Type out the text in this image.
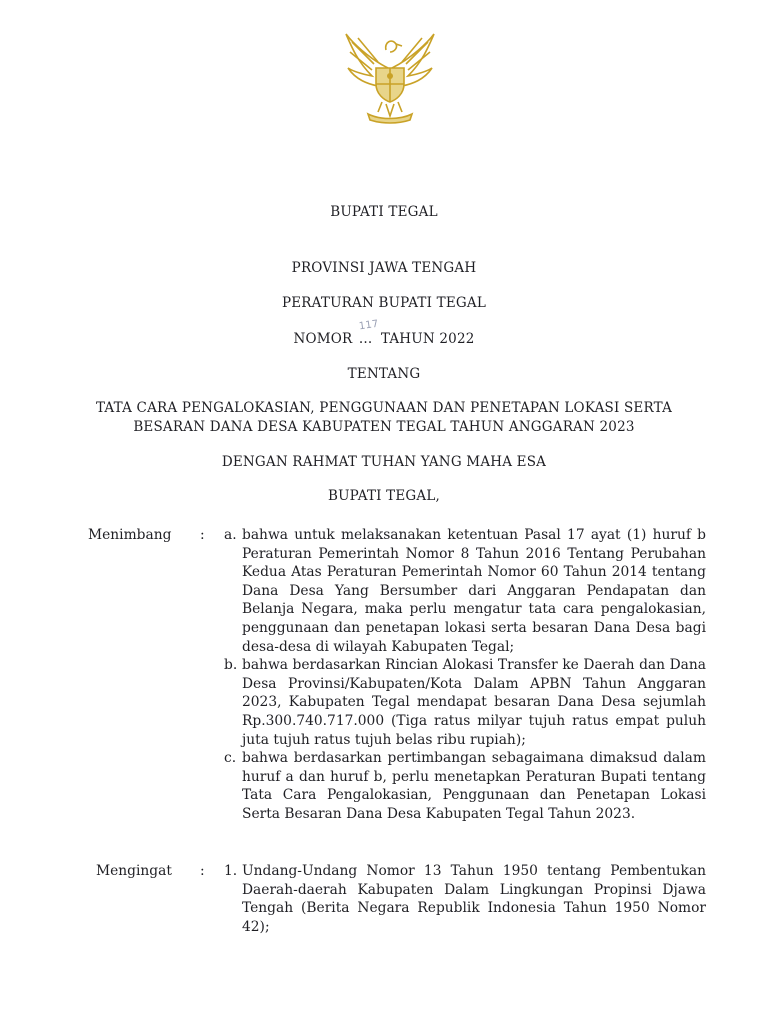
BUPATI TEGAL
PROVINSI JAWA TENGAH
PERATURAN BUPATI TEGAL
NOMOR
117
... TAHUN 2022
TENTANG
TATA CARA PENGALOKASIAN, PENGGUNAAN DAN PENETAPAN LOKASI SERTA
BESARAN DANA DESA KABUPATEN TEGAL TAHUN ANGGARAN 2023
DENGAN RAHMAT TUHAN YANG MAHA ESA
BUPATI TEGAL,
Menimbang : a. bahwa untuk melaksanakan ketentuan Pasal 17 ayat (1) huruf b Peraturan Pemerintah Nomor 8 Tahun 2016 Tentang Perubahan Kedua Atas Peraturan Pemerintah Nomor 60 Tahun 2014 tentang Dana Desa Yang Bersumber dari Anggaran Pendapatan dan Belanja Negara, maka perlu mengatur tata cara pengalokasian, penggunaan dan penetapan lokasi serta besaran Dana Desa bagi desa-desa di wilayah Kabupaten Tegal;
b. bahwa berdasarkan Rincian Alokasi Transfer ke Daerah dan Dana Desa Provinsi/Kabupaten/Kota Dalam APBN Tahun Anggaran 2023, Kabupaten Tegal mendapat besaran Dana Desa sejumlah Rp.300.740.717.000 (Tiga ratus milyar tujuh ratus empat puluh juta tujuh ratus tujuh belas ribu rupiah);
c. bahwa berdasarkan pertimbangan sebagaimana dimaksud dalam huruf a dan huruf b, perlu menetapkan Peraturan Bupati tentang Tata Cara Pengalokasian, Penggunaan dan Penetapan Lokasi Serta Besaran Dana Desa Kabupaten Tegal Tahun 2023.
Mengingat : 1. Undang-Undang Nomor 13 Tahun 1950 tentang Pembentukan Daerah-daerah Kabupaten Dalam Lingkungan Propinsi Djawa Tengah (Berita Negara Republik Indonesia Tahun 1950 Nomor 42);
